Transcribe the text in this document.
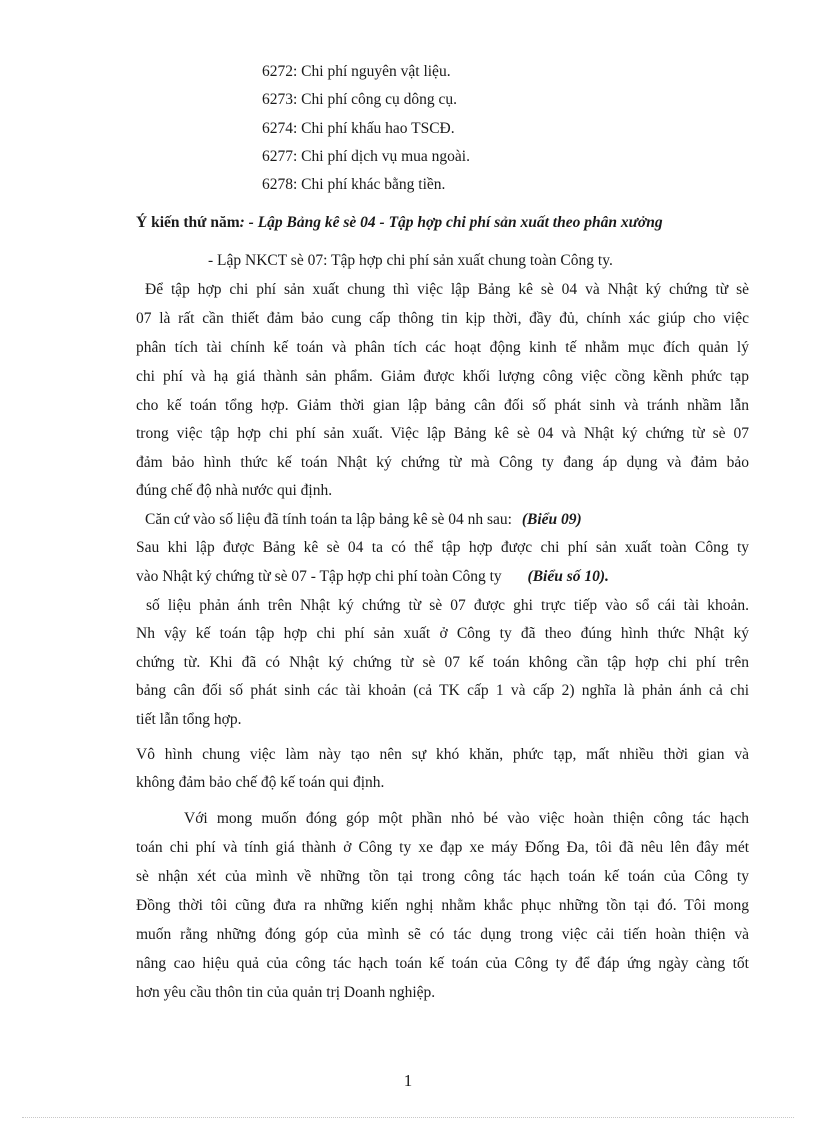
6272: Chi phí nguyên vật liệu.
6273: Chi phí công cụ dông cụ.
6274: Chi phí khấu hao TSCĐ.
6277: Chi phí dịch vụ mua ngoài.
6278: Chi phí khác bằng tiền.
Ý kiến thứ năm: - Lập Bảng kê sè 04 - Tập hợp chi phí sản xuất theo phân xưởng
- Lập NKCT sè 07: Tập hợp chi phí sản xuất chung toàn Công ty.
Để tập hợp chi phí sản xuất chung thì việc lập Bảng kê sè 04 và Nhật ký chứng từ sè
07 là rất cần thiết đảm bảo cung cấp thông tin kịp thời, đầy đủ, chính xác giúp cho việc
phân tích tài chính kế toán và phân tích các hoạt động kinh tế nhằm mục đích quản lý
chi phí và hạ giá thành sản phẩm. Giảm được khối lượng công việc cồng kềnh phức tạp
cho kế toán tổng hợp. Giảm thời gian lập bảng cân đối số phát sinh và tránh nhầm lẫn
trong việc tập hợp chi phí sản xuất. Việc lập Bảng kê sè 04 và Nhật ký chứng từ sè 07
đảm bảo hình thức kế toán Nhật ký chứng từ mà Công ty đang áp dụng và đảm bảo
đúng chế độ nhà nước qui định.
Căn cứ vào số liệu đã tính toán ta lập bảng kê sè 04 nh sau: (Biểu 09)
Sau khi lập được Bảng kê sè 04 ta có thể tập hợp được chi phí sản xuất toàn Công ty
vào Nhật ký chứng từ sè 07 - Tập hợp chi phí toàn Công ty (Biểu số 10).
số liệu phản ánh trên Nhật ký chứng từ sè 07 được ghi trực tiếp vào sổ cái tài khoản.
Nh vậy kế toán tập hợp chi phí sản xuất ở Công ty đã theo đúng hình thức Nhật ký
chứng từ. Khi đã có Nhật ký chứng từ sè 07 kế toán không cần tập hợp chi phí trên
bảng cân đối số phát sinh các tài khoản (cả TK cấp 1 và cấp 2) nghĩa là phản ánh cả chi
tiết lẫn tổng hợp.
Vô hình chung việc làm này tạo nên sự khó khăn, phức tạp, mất nhiều thời gian và
không đảm bảo chế độ kế toán qui định.
Với mong muốn đóng góp một phần nhỏ bé vào việc hoàn thiện công tác hạch
toán chi phí và tính giá thành ở Công ty xe đạp xe máy Đống Đa, tôi đã nêu lên đây mét
sè nhận xét của mình về những tồn tại trong công tác hạch toán kế toán của Công ty
Đồng thời tôi cũng đưa ra những kiến nghị nhằm khắc phục những tồn tại đó. Tôi mong
muốn rằng những đóng góp của mình sẽ có tác dụng trong việc cải tiến hoàn thiện và
nâng cao hiệu quả của công tác hạch toán kế toán của Công ty để đáp ứng ngày càng tốt
hơn yêu cầu thôn tin của quản trị Doanh nghiệp.
1
